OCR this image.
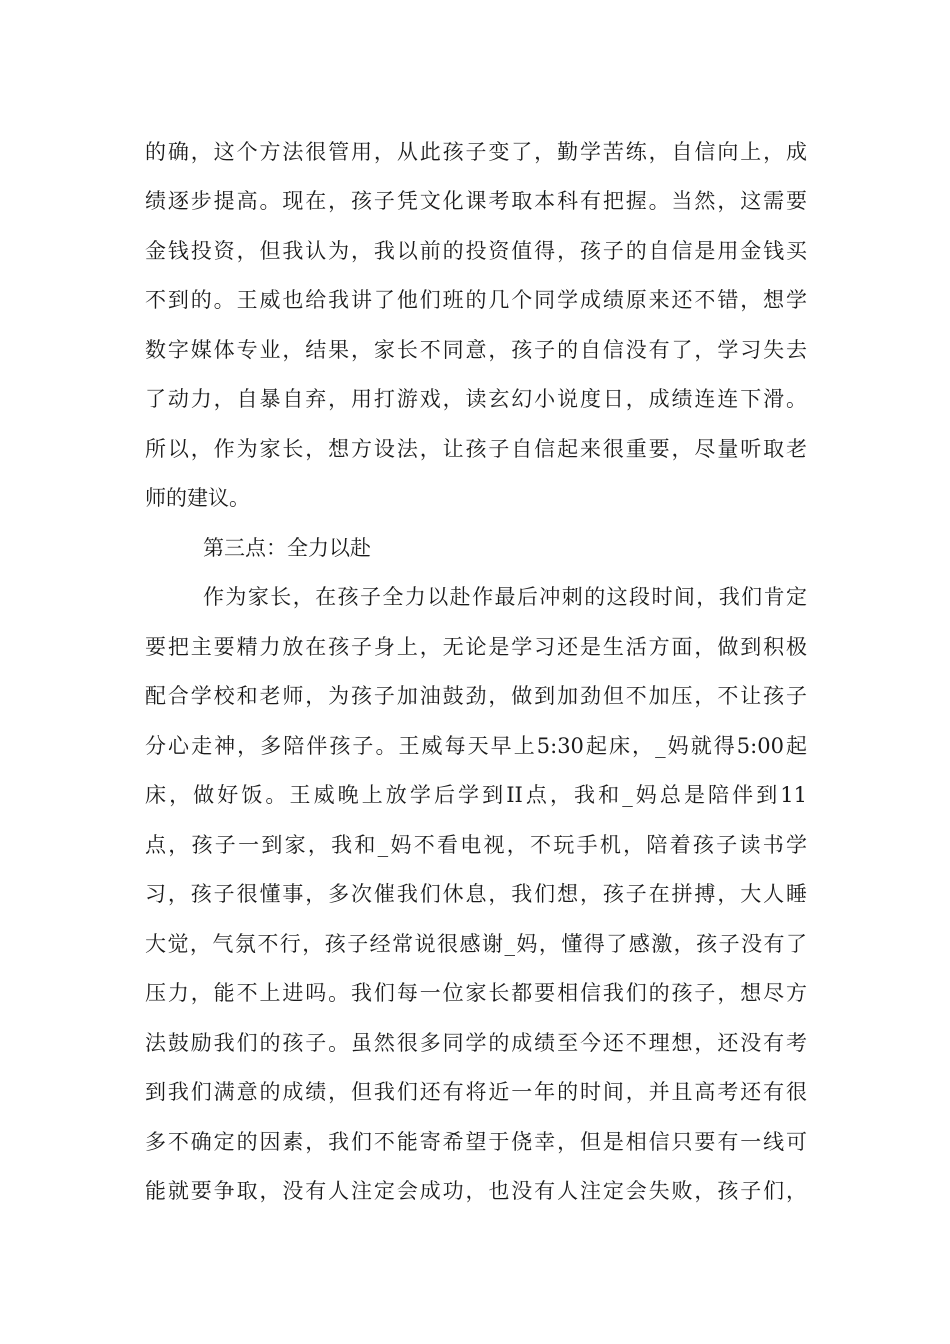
的确，这个方法很管用，从此孩子变了，勤学苦练，自信向上，成
绩逐步提高。现在，孩子凭文化课考取本科有把握。当然，这需要
金钱投资，但我认为，我以前的投资值得，孩子的自信是用金钱买
不到的。王威也给我讲了他们班的几个同学成绩原来还不错，想学
数字媒体专业，结果，家长不同意，孩子的自信没有了，学习失去
了动力，自暴自弃，用打游戏，读玄幻小说度日，成绩连连下滑。
所以，作为家长，想方设法，让孩子自信起来很重要，尽量听取老
师的建议。
第三点：全力以赴
作为家长，在孩子全力以赴作最后冲刺的这段时间，我们肯定
要把主要精力放在孩子身上，无论是学习还是生活方面，做到积极
配合学校和老师，为孩子加油鼓劲，做到加劲但不加压，不让孩子
分心走神，多陪伴孩子。王威每天早上5:30起床，_妈就得5:00起
床，做好饭。王威晚上放学后学到II点，我和_妈总是陪伴到11
点，孩子一到家，我和_妈不看电视，不玩手机，陪着孩子读书学
习，孩子很懂事，多次催我们休息，我们想，孩子在拼搏，大人睡
大觉，气氛不行，孩子经常说很感谢_妈，懂得了感激，孩子没有了
压力，能不上进吗。我们每一位家长都要相信我们的孩子，想尽方
法鼓励我们的孩子。虽然很多同学的成绩至今还不理想，还没有考
到我们满意的成绩，但我们还有将近一年的时间，并且高考还有很
多不确定的因素，我们不能寄希望于侥幸，但是相信只要有一线可
能就要争取，没有人注定会成功，也没有人注定会失败，孩子们，
